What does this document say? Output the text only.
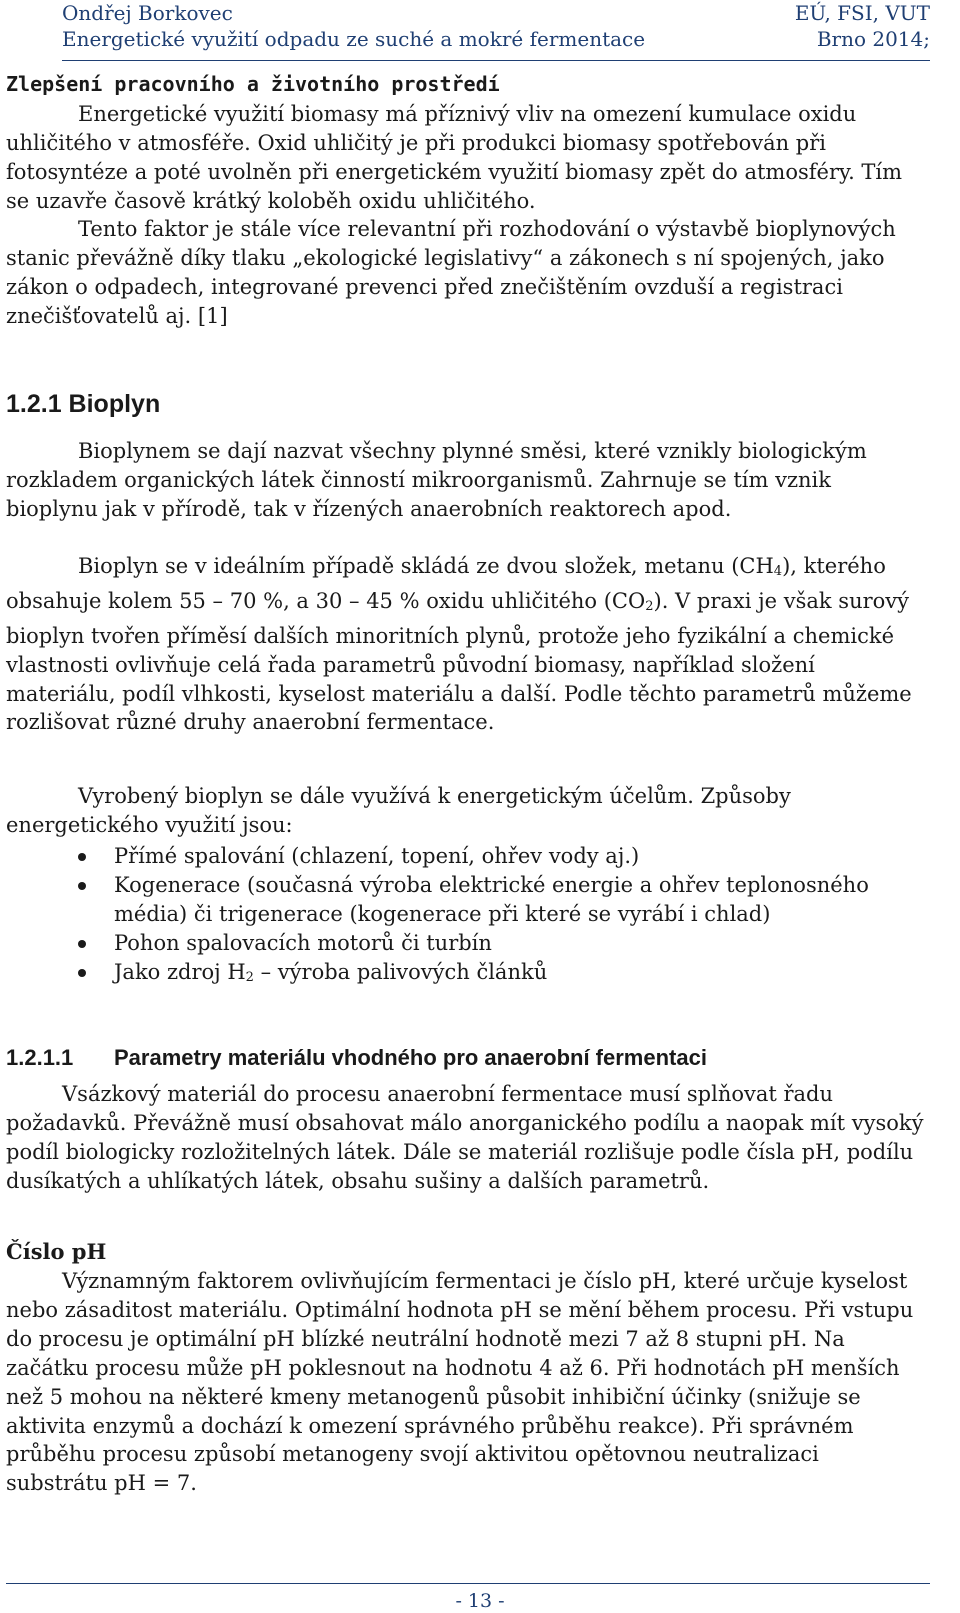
Ondřej Borkovec	EÚ, FSI, VUT
Energetické využití odpadu ze suché a mokré fermentace	Brno 2014;

Zlepšení pracovního a životního prostředí

Energetické využití biomasy má příznivý vliv na omezení kumulace oxidu uhličitého v atmosféře. Oxid uhličitý je při produkci biomasy spotřebován při fotosyntéze a poté uvolněn při energetickém využití biomasy zpět do atmosféry. Tím se uzavře časově krátký koloběh oxidu uhličitého.

Tento faktor je stále více relevantní při rozhodování o výstavbě bioplynových stanic převážně díky tlaku „ekologické legislativy“ a zákonech s ní spojených, jako zákon o odpadech, integrované prevenci před znečištěním ovzduší a registraci znečišťovatelů aj. [1]

1.2.1 Bioplyn

Bioplynem se dají nazvat všechny plynné směsi, které vznikly biologickým rozkladem organických látek činností mikroorganismů. Zahrnuje se tím vznik bioplynu jak v přírodě, tak v řízených anaerobních reaktorech apod.

Bioplyn se v ideálním případě skládá ze dvou složek, metanu $(CH_4)$, kterého obsahuje kolem 55 – 70 %, a 30 – 45 % oxidu uhličitého $(CO_2)$. V praxi je však surový bioplyn tvořen příměsí dalších minoritních plynů, protože jeho fyzikální a chemické vlastnosti ovlivňuje celá řada parametrů původní biomasy, například složení materiálu, podíl vlhkosti, kyselost materiálu a další. Podle těchto parametrů můžeme rozlišovat různé druhy anaerobní fermentace.

Vyrobený bioplyn se dále využívá k energetickým účelům. Způsoby energetického využití jsou:

Přímé spalování (chlazení, topení, ohřev vody aj.)
Kogenerace (současná výroba elektrické energie a ohřev teplonosného média) či trigenerace (kogenerace při které se vyrábí i chlad)
Pohon spalovacích motorů či turbín
Jako zdroj $H_2$ – výroba palivových článků
1.2.1.1 Parametry materiálu vhodného pro anaerobní fermentaci

Vsázkový materiál do procesu anaerobní fermentace musí splňovat řadu požadavků. Převážně musí obsahovat málo anorganického podílu a naopak mít vysoký podíl biologicky rozložitelných látek. Dále se materiál rozlišuje podle čísla pH, podílu dusíkatých a uhlíkatých látek, obsahu sušiny a dalších parametrů.

Číslo pH

Významným faktorem ovlivňujícím fermentaci je číslo pH, které určuje kyselost nebo zásaditost materiálu. Optimální hodnota pH se mění během procesu. Při vstupu do procesu je optimální pH blízké neutrální hodnotě mezi 7 až 8 stupni pH. Na začátku procesu může pH poklesnout na hodnotu 4 až 6. Při hodnotách pH menších než 5 mohou na některé kmeny metanogenů působit inhibiční účinky (snižuje se aktivita enzymů a dochází k omezení správného průběhu reakce). Při správném průběhu procesu způsobí metanogeny svojí aktivitou opětovnou neutralizaci substrátu pH = 7.

- 13 -
